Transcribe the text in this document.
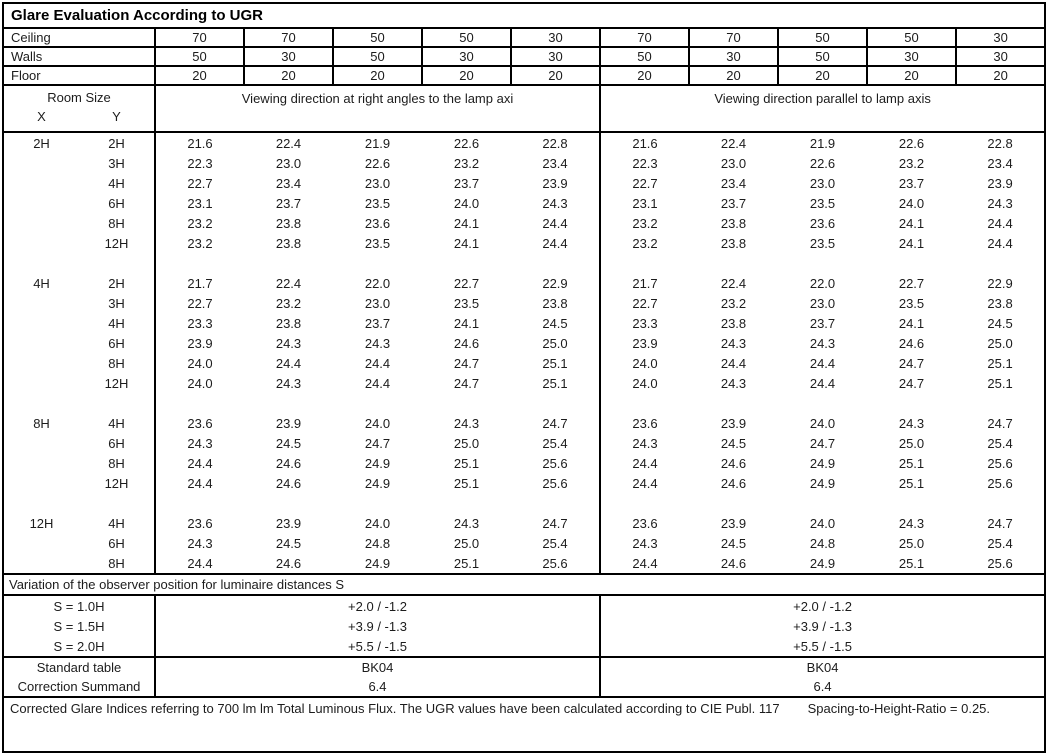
Glare Evaluation According to UGR											
Ceiling		70	70	50	50	30	70	70	50	50	30
Walls		50	30	50	30	30	50	30	50	30	30
Floor		20	20	20	20	20	20	20	20	20	20

Room Size
X Y		Viewing direction at right angles to the lamp axi					Viewing direction parallel to lamp axis				
2H	2H	21.6	22.4	21.9	22.6	22.8	21.6	22.4	21.9	22.6	22.8
	3H	22.3	23.0	22.6	23.2	23.4	22.3	23.0	22.6	23.2	23.4
	4H	22.7	23.4	23.0	23.7	23.9	22.7	23.4	23.0	23.7	23.9
	6H	23.1	23.7	23.5	24.0	24.3	23.1	23.7	23.5	24.0	24.3
	8H	23.2	23.8	23.6	24.1	24.4	23.2	23.8	23.6	24.1	24.4
	12H	23.2	23.8	23.5	24.1	24.4	23.2	23.8	23.5	24.1	24.4

4H	2H	21.7	22.4	22.0	22.7	22.9	21.7	22.4	22.0	22.7	22.9
	3H	22.7	23.2	23.0	23.5	23.8	22.7	23.2	23.0	23.5	23.8
	4H	23.3	23.8	23.7	24.1	24.5	23.3	23.8	23.7	24.1	24.5
	6H	23.9	24.3	24.3	24.6	25.0	23.9	24.3	24.3	24.6	25.0
	8H	24.0	24.4	24.4	24.7	25.1	24.0	24.4	24.4	24.7	25.1
	12H	24.0	24.3	24.4	24.7	25.1	24.0	24.3	24.4	24.7	25.1

8H	4H	23.6	23.9	24.0	24.3	24.7	23.6	23.9	24.0	24.3	24.7
	6H	24.3	24.5	24.7	25.0	25.4	24.3	24.5	24.7	25.0	25.4
	8H	24.4	24.6	24.9	25.1	25.6	24.4	24.6	24.9	25.1	25.6
	12H	24.4	24.6	24.9	25.1	25.6	24.4	24.6	24.9	25.1	25.6

12H	4H	23.6	23.9	24.0	24.3	24.7	23.6	23.9	24.0	24.3	24.7
	6H	24.3	24.5	24.8	25.0	25.4	24.3	24.5	24.8	25.0	25.4
	8H	24.4	24.6	24.9	25.1	25.6	24.4	24.6	24.9	25.1	25.6
Variation of the observer position for luminaire distances S											
S = 1.0H		+2.0 / -1.2					+2.0 / -1.2				
S = 1.5H		+3.9 / -1.3					+3.9 / -1.3				
S = 2.0H		+5.5 / -1.5					+5.5 / -1.5				
Standard table		BK04					BK04				
Correction Summand		6.4					6.4				
Corrected Glare Indices referring to 700 lm lm Total Luminous Flux. The UGR values have been calculated according to CIE Publ. 117 Spacing-to-Height-Ratio = 0.25.											
